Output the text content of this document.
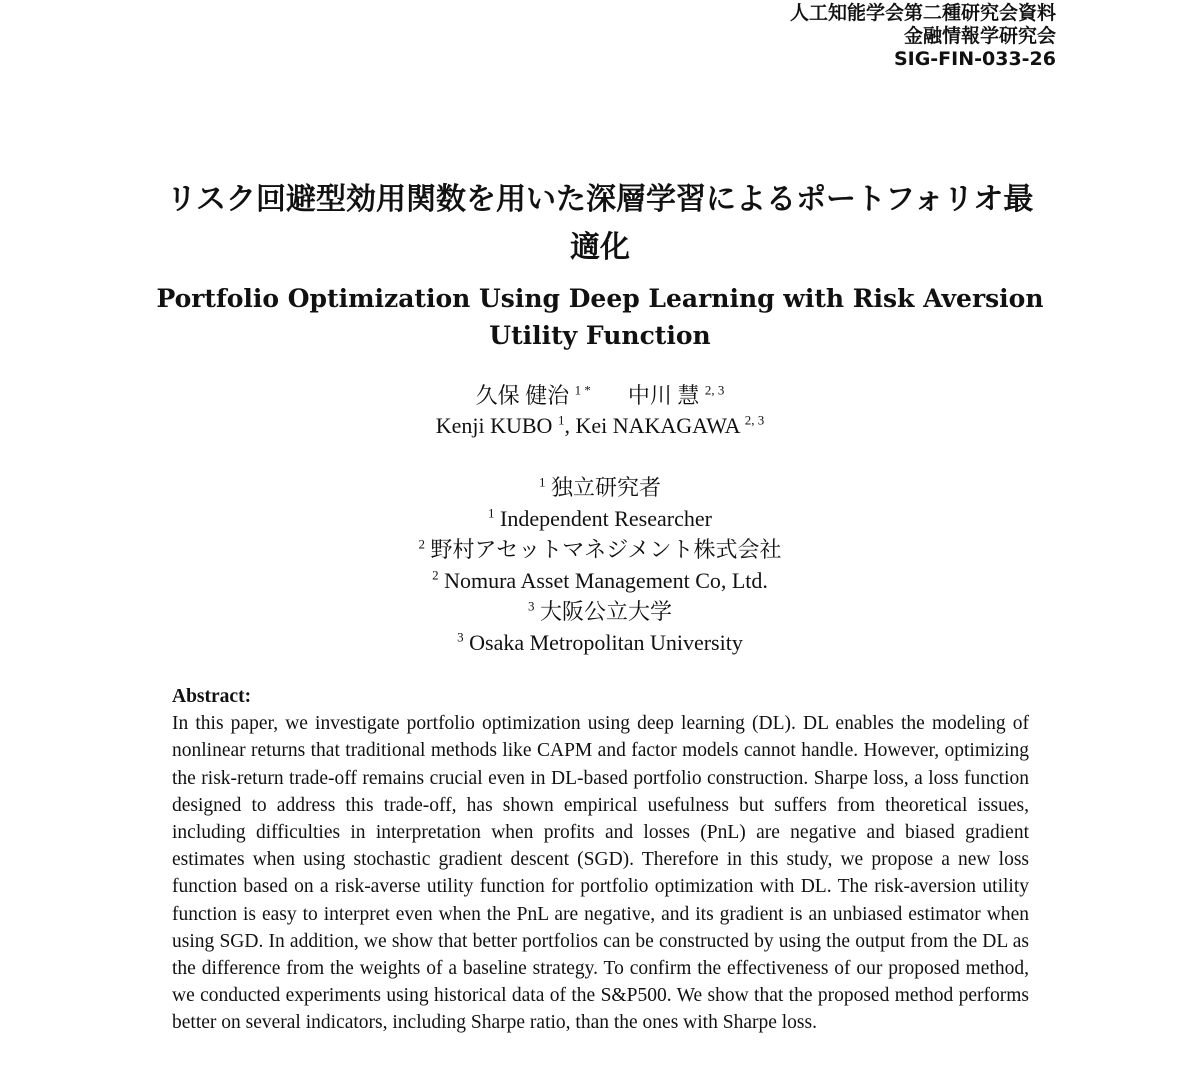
人工知能学会第二種研究会資料
金融情報学研究会
SIG-FIN-033-26
リスク回避型効用関数を用いた深層学習によるポートフォリオ最
適化
Portfolio Optimization Using Deep Learning with Risk Aversion
Utility Function
久保 健治 $^{1 *}$ 中川 慧 $^{2, 3}$
Kenji KUBO $^1$, Kei NAKAGAWA $^{2, 3}$
$^1$ 独立研究者
$^1$ Independent Researcher
$^2$ 野村アセットマネジメント株式会社
$^2$ Nomura Asset Management Co, Ltd.
$^3$ 大阪公立大学
$^3$ Osaka Metropolitan University
Abstract:
In this paper, we investigate portfolio optimization using deep learning (DL). DL enables the modeling of nonlinear returns that traditional methods like CAPM and factor models cannot handle. However, optimizing the risk-return trade-off remains crucial even in DL-based portfolio construction. Sharpe loss, a loss function designed to address this trade-off, has shown empirical usefulness but suffers from theoretical issues, including difficulties in interpretation when profits and losses (PnL) are negative and biased gradient estimates when using stochastic gradient descent (SGD). Therefore in this study, we propose a new loss function based on a risk-averse utility function for portfolio optimization with DL. The risk-aversion utility function is easy to interpret even when the PnL are negative, and its gradient is an unbiased estimator when using SGD. In addition, we show that better portfolios can be constructed by using the output from the DL as the difference from the weights of a baseline strategy. To confirm the effectiveness of our proposed method, we conducted experiments using historical data of the S&P500. We show that the proposed method performs better on several indicators, including Sharpe ratio, than the ones with Sharpe loss.
